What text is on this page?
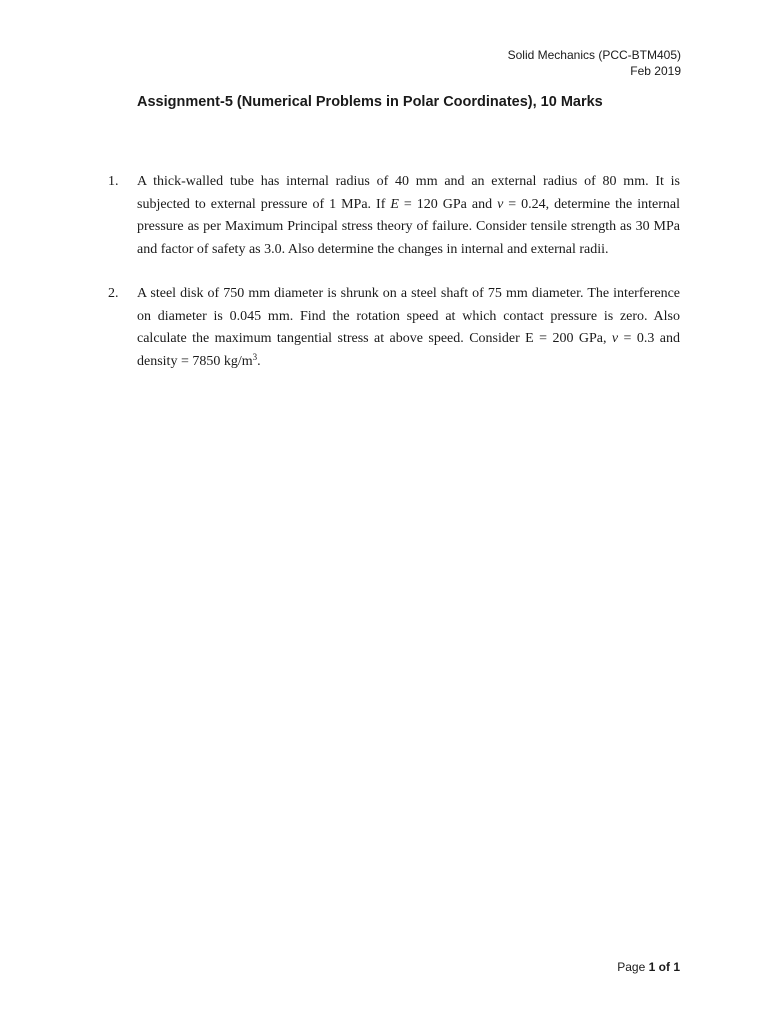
Solid Mechanics (PCC-BTM405)
Feb 2019
Assignment-5 (Numerical Problems in Polar Coordinates), 10 Marks
1.	A thick-walled tube has internal radius of 40 mm and an external radius of 80 mm. It is subjected to external pressure of 1 MPa. If E = 120 GPa and ν = 0.24, determine the internal pressure as per Maximum Principal stress theory of failure. Consider tensile strength as 30 MPa and factor of safety as 3.0. Also determine the changes in internal and external radii.
2.	A steel disk of 750 mm diameter is shrunk on a steel shaft of 75 mm diameter. The interference on diameter is 0.045 mm. Find the rotation speed at which contact pressure is zero. Also calculate the maximum tangential stress at above speed. Consider E = 200 GPa, ν = 0.3 and density = 7850 $kg/m^3$.
Page 1 of 1
